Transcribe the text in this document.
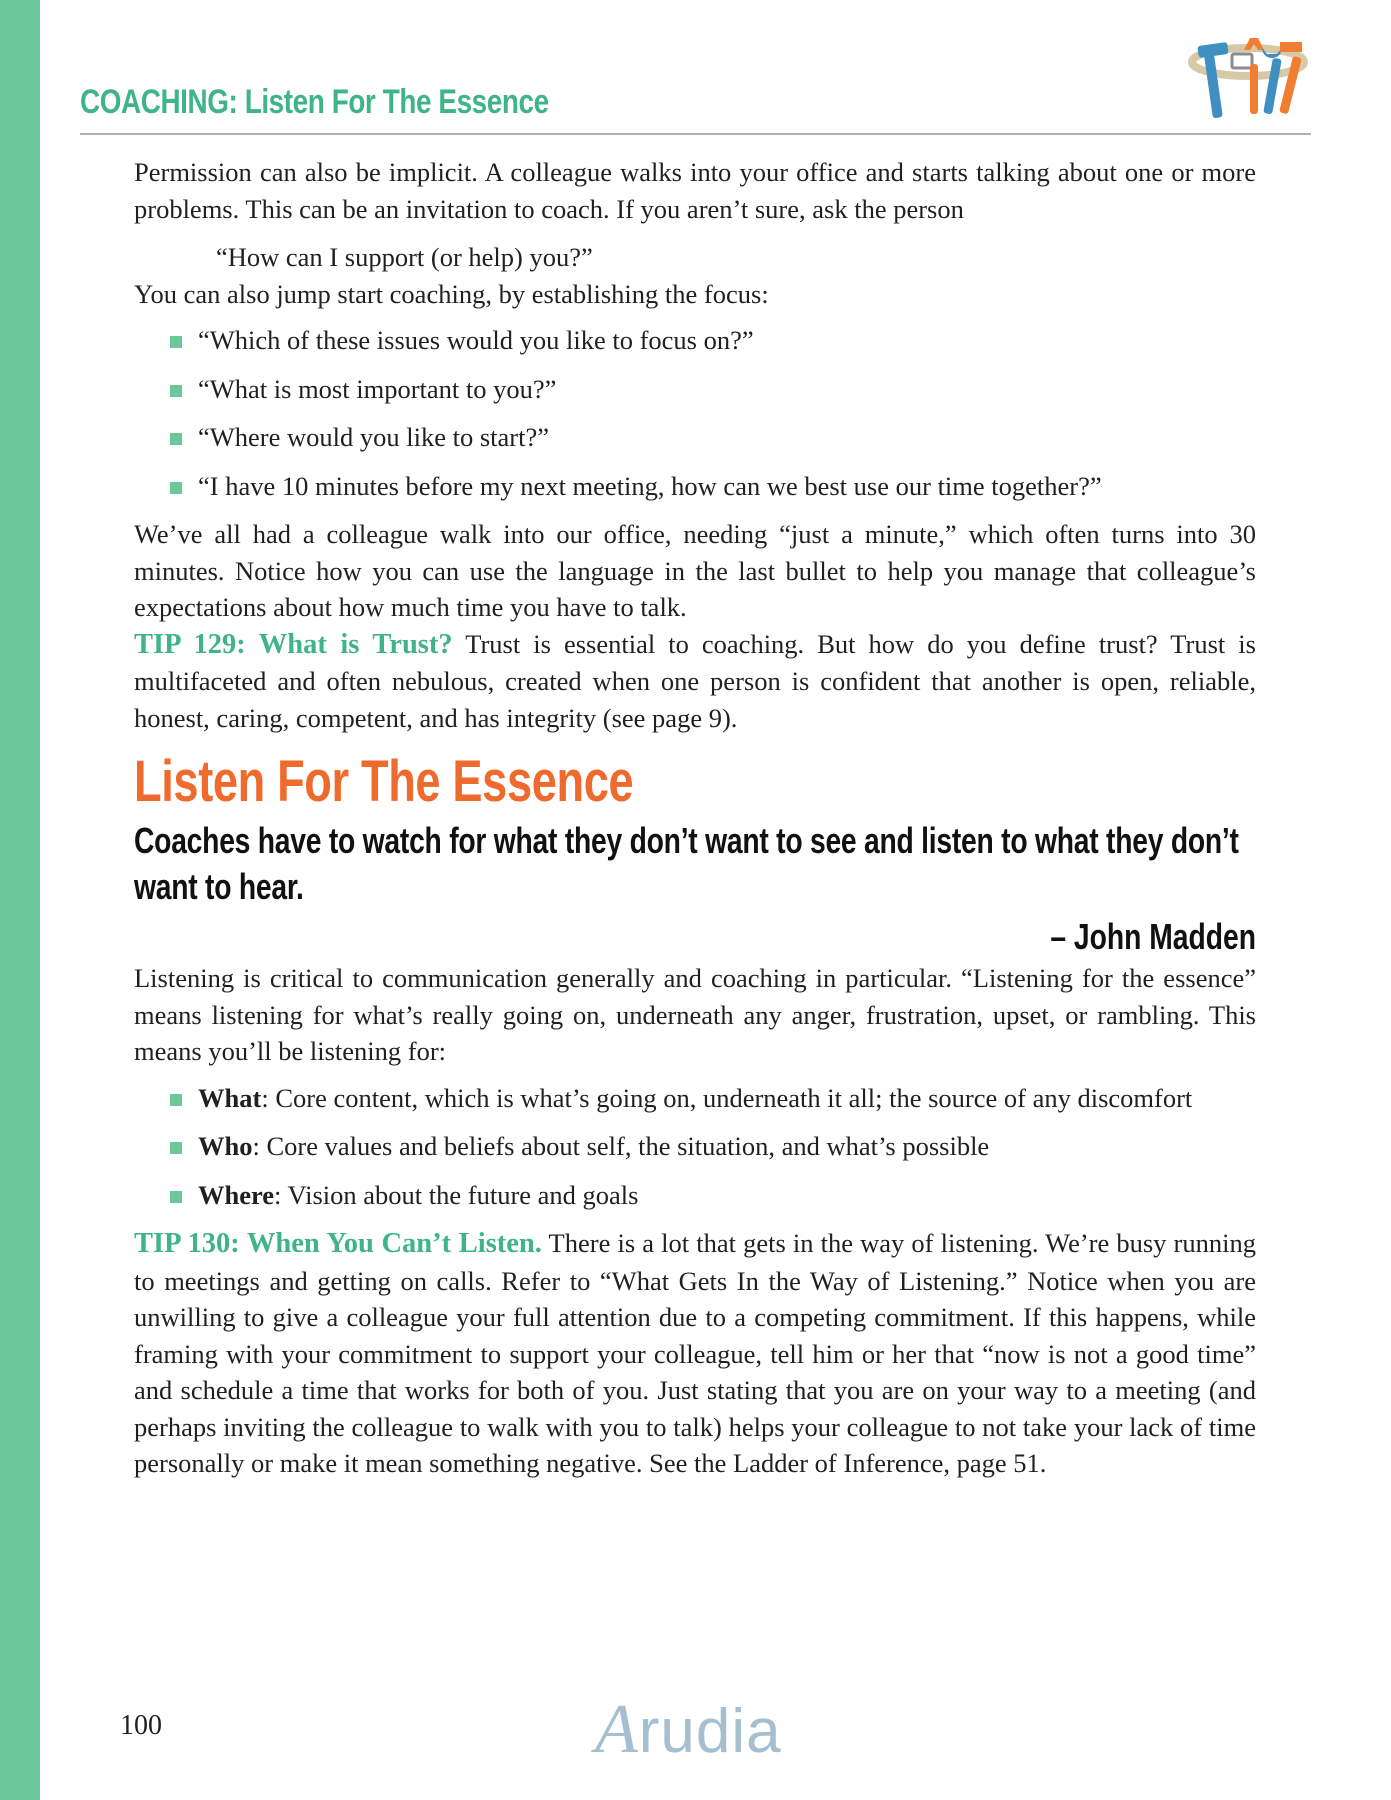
COACHING: Listen For The Essence

Permission can also be implicit. A colleague walks into your office and starts talking about one or more problems. This can be an invitation to coach. If you aren’t sure, ask the person

“How can I support (or help) you?”

You can also jump start coaching, by establishing the focus:

“Which of these issues would you like to focus on?”
“What is most important to you?”
“Where would you like to start?”
“I have 10 minutes before my next meeting, how can we best use our time together?”

We’ve all had a colleague walk into our office, needing “just a minute,” which often turns into 30 minutes. Notice how you can use the language in the last bullet to help you manage that colleague’s expectations about how much time you have to talk.

TIP 129: What is Trust? Trust is essential to coaching. But how do you define trust? Trust is multifaceted and often nebulous, created when one person is confident that another is open, reliable, honest, caring, competent, and has integrity (see page 9).

Listen For The Essence
Coaches have to watch for what they don’t want to see and listen to what they don’t want to hear.
– John Madden

Listening is critical to communication generally and coaching in particular. “Listening for the essence” means listening for what’s really going on, underneath any anger, frustration, upset, or rambling. This means you’ll be listening for:

What: Core content, which is what’s going on, underneath it all; the source of any discomfort
Who: Core values and beliefs about self, the situation, and what’s possible
Where: Vision about the future and goals

TIP 130: When You Can’t Listen. There is a lot that gets in the way of listening. We’re busy running to meetings and getting on calls. Refer to “What Gets In the Way of Listening.” Notice when you are unwilling to give a colleague your full attention due to a competing commitment. If this happens, while framing with your commitment to support your colleague, tell him or her that “now is not a good time” and schedule a time that works for both of you. Just stating that you are on your way to a meeting (and perhaps inviting the colleague to walk with you to talk) helps your colleague to not take your lack of time personally or make it mean something negative. See the Ladder of Inference, page 51.

100	Arudia
